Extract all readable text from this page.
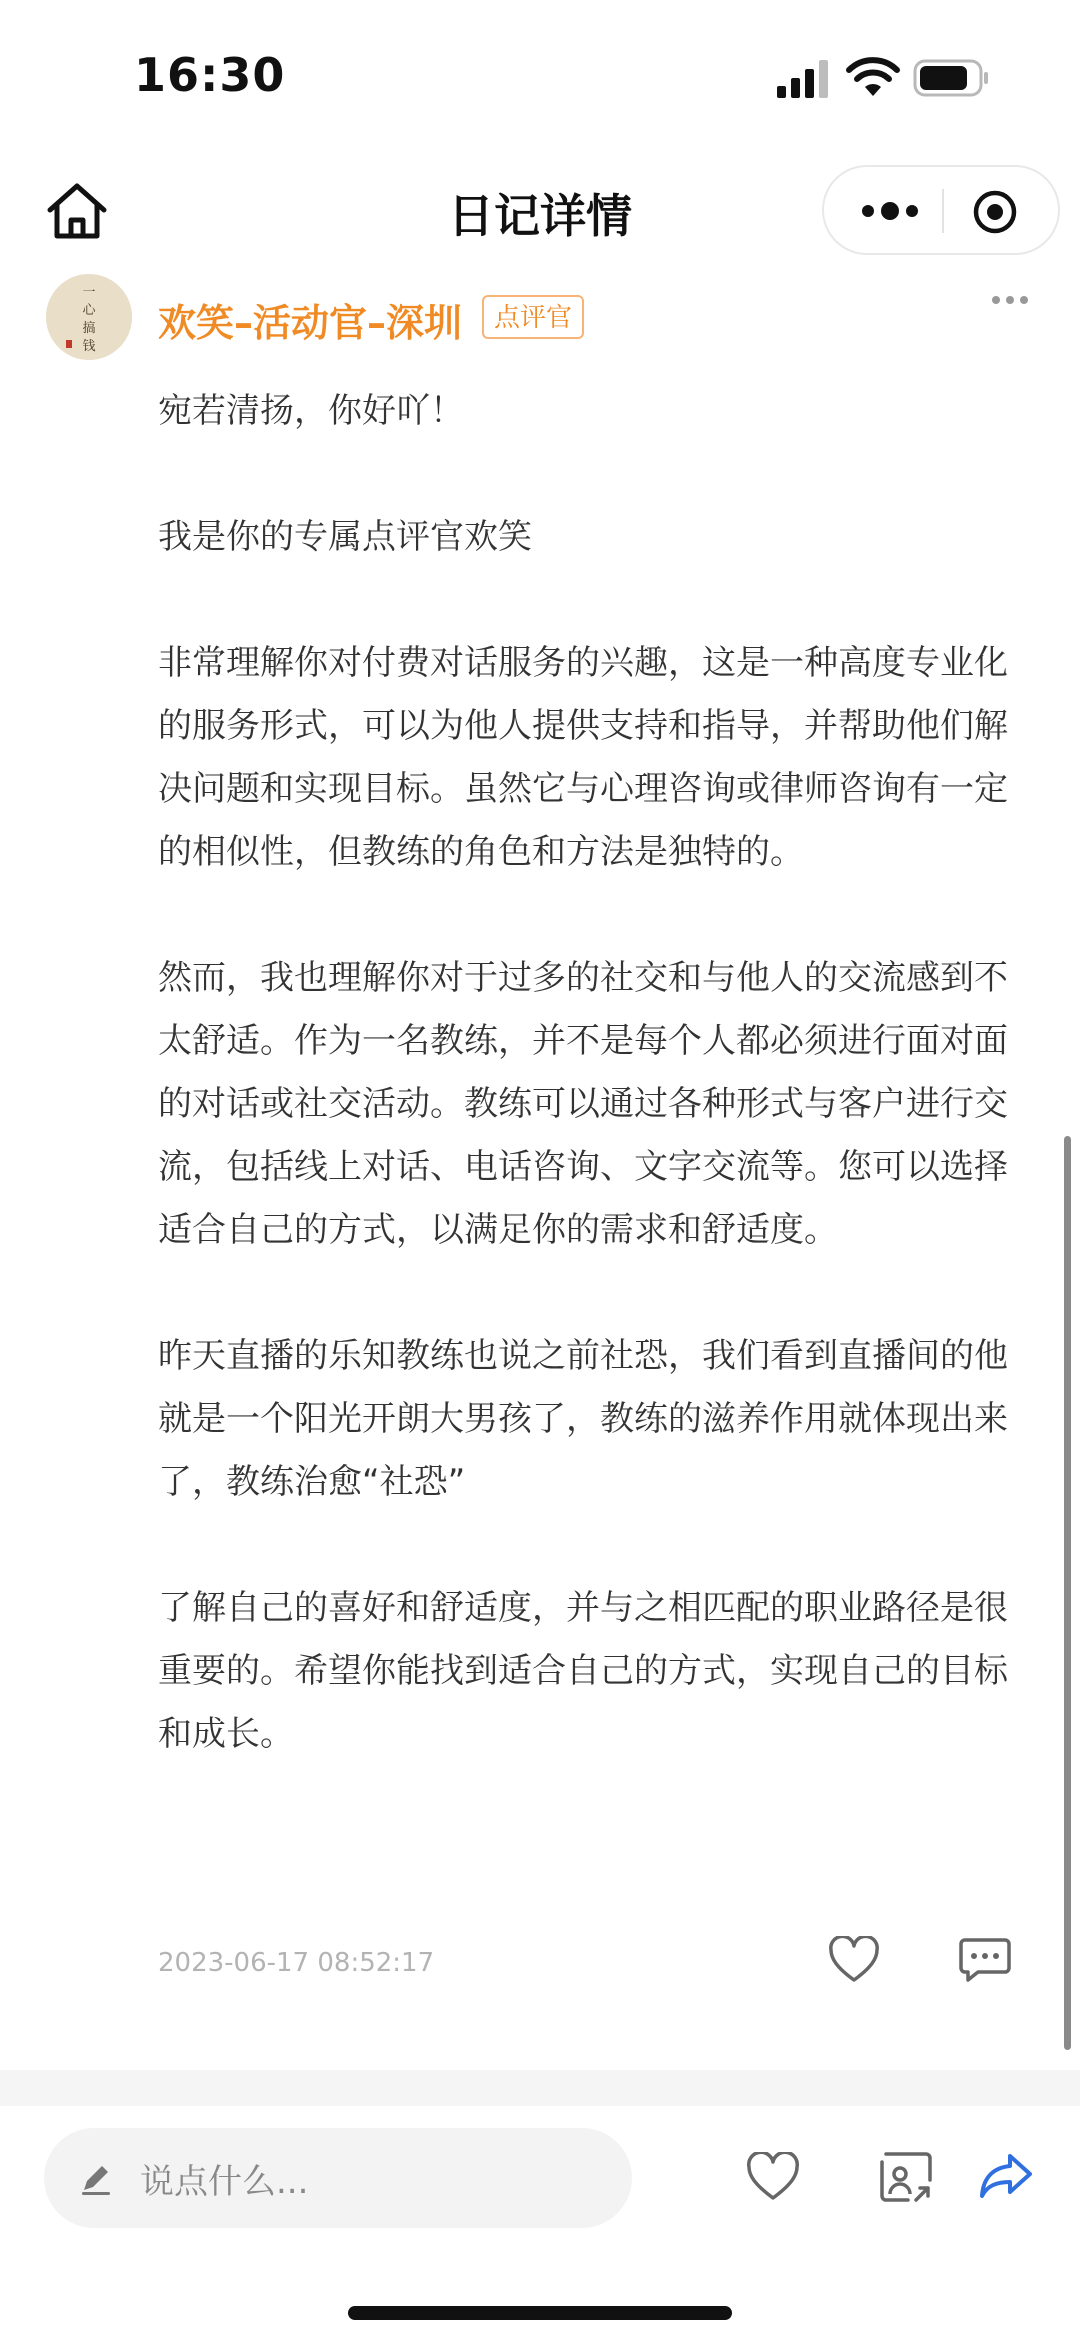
16:30
日记详情
一
心
搞
钱
欢笑–活动官–深圳	点评官

宛若清扬，你好吖！

我是你的专属点评官欢笑

非常理解你对付费对话服务的兴趣，这是一种高度专业化的服务形式，可以为他人提供支持和指导，并帮助他们解决问题和实现目标。虽然它与心理咨询或律师咨询有一定的相似性，但教练的角色和方法是独特的。

然而，我也理解你对于过多的社交和与他人的交流感到不太舒适。作为一名教练，并不是每个人都必须进行面对面的对话或社交活动。教练可以通过各种形式与客户进行交流，包括线上对话、电话咨询、文字交流等。您可以选择适合自己的方式，以满足你的需求和舒适度。

昨天直播的乐知教练也说之前社恐，我们看到直播间的他就是一个阳光开朗大男孩了，教练的滋养作用就体现出来了，教练治愈“社恐”

了解自己的喜好和舒适度，并与之相匹配的职业路径是很重要的。希望你能找到适合自己的方式，实现自己的目标和成长。

2023-06-17 08:52:17
说点什么...
